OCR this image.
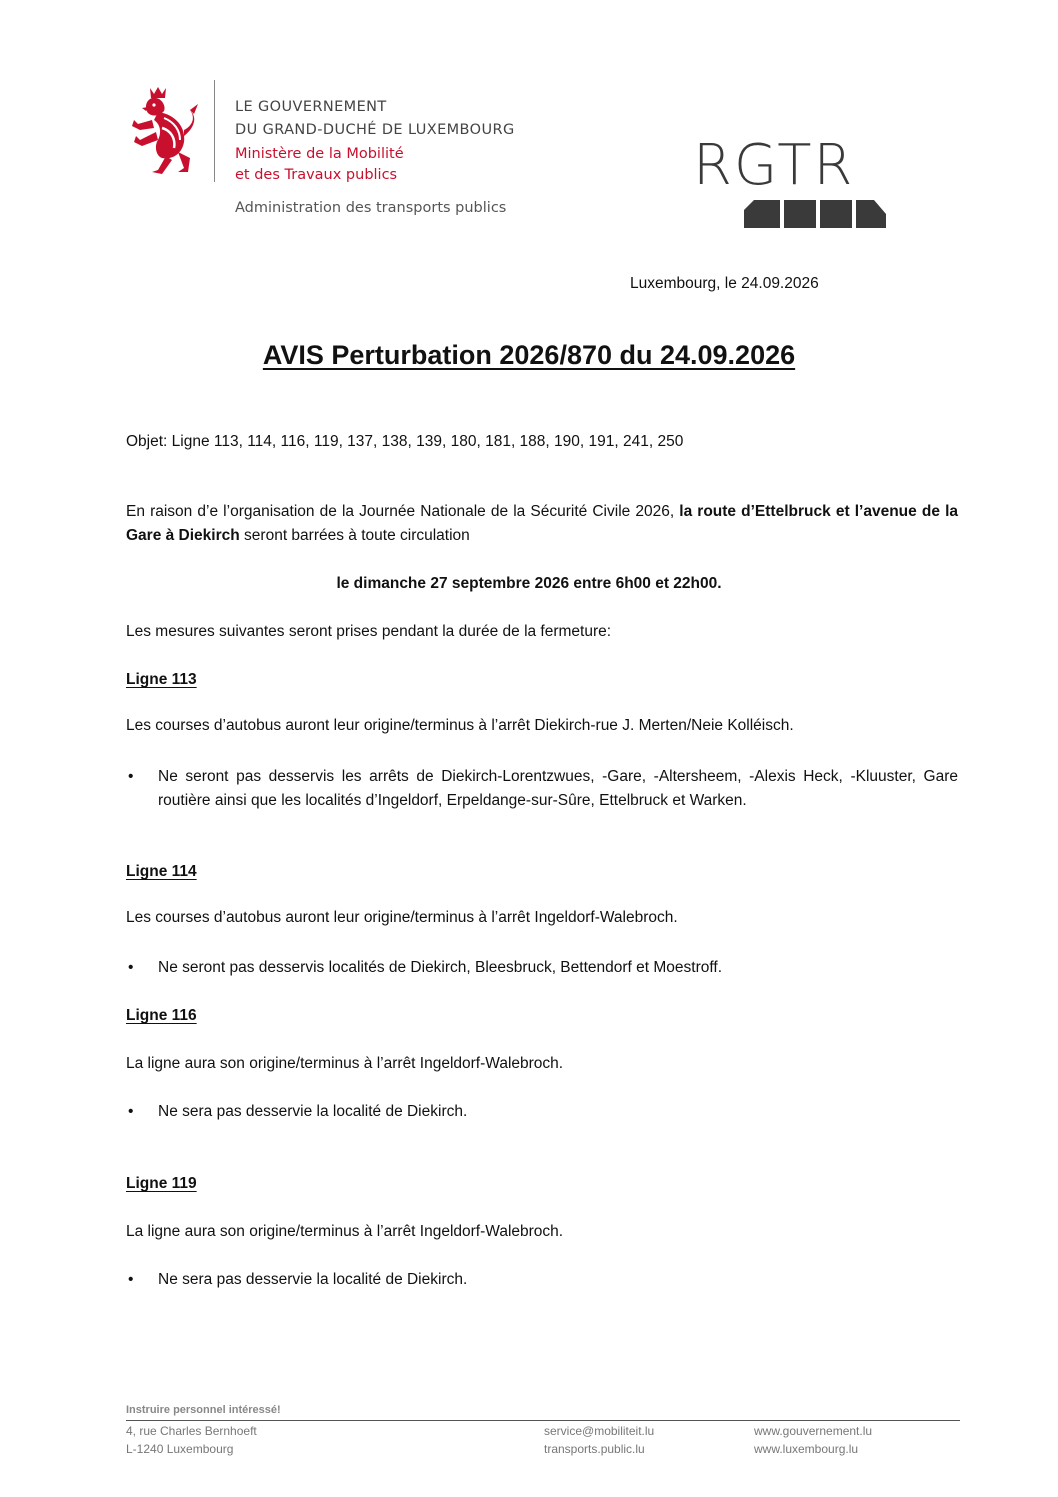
LE GOUVERNEMENT
DU GRAND-DUCHÉ DE LUXEMBOURG
Ministère de la Mobilité
et des Travaux publics
Administration des transports publics
RGTR
Luxembourg, le 24.09.2026
AVIS Perturbation 2026/870 du 24.09.2026
Objet: Ligne 113, 114, 116, 119, 137, 138, 139, 180, 181, 188, 190, 191, 241, 250
En raison d’e l’organisation de la Journée Nationale de la Sécurité Civile 2026, la route d’Ettelbruck et l’avenue de la Gare à Diekirch seront barrées à toute circulation
le dimanche 27 septembre 2026 entre 6h00 et 22h00.
Les mesures suivantes seront prises pendant la durée de la fermeture:
Ligne 113
Les courses d’autobus auront leur origine/terminus à l’arrêt Diekirch-rue J. Merten/Neie Kolléisch.
• Ne seront pas desservis les arrêts de Diekirch-Lorentzwues, -Gare, -Altersheem, -Alexis Heck, -Kluuster, Gare routière ainsi que les localités d’Ingeldorf, Erpeldange-sur-Sûre, Ettelbruck et Warken.
Ligne 114
Les courses d’autobus auront leur origine/terminus à l’arrêt Ingeldorf-Walebroch.
• Ne seront pas desservis localités de Diekirch, Bleesbruck, Bettendorf et Moestroff.
Ligne 116
La ligne aura son origine/terminus à l’arrêt Ingeldorf-Walebroch.
• Ne sera pas desservie la localité de Diekirch.
Ligne 119
La ligne aura son origine/terminus à l’arrêt Ingeldorf-Walebroch.
• Ne sera pas desservie la localité de Diekirch.
Instruire personnel intéressé!
4, rue Charles Bernhoeft
L-1240 Luxembourg
service@mobiliteit.lu
transports.public.lu
www.gouvernement.lu
www.luxembourg.lu
